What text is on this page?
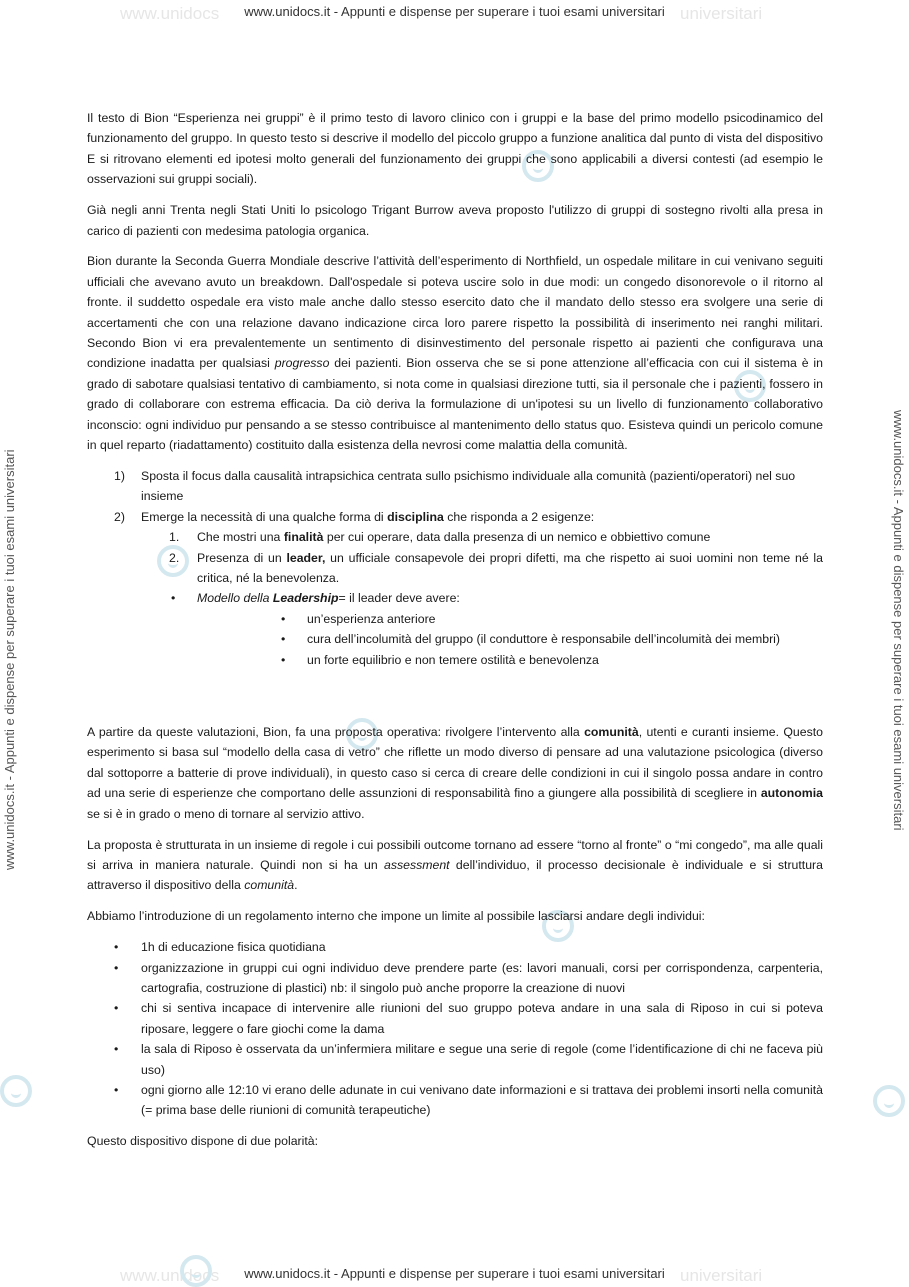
www.unidocs.it - Appunti e dispense per superare i tuoi esami universitari
www.unidocs.it - Appunti e dispense per superare i tuoi esami universitari
www.unidocs.it - Appunti e dispense per superare i tuoi esami universitari	www.unidocs.it - Appunti e dispense per superare i tuoi esami universitari
www.unidocs	universitari
www.unidocs	universitari

Il testo di Bion “Esperienza nei gruppi” è il primo testo di lavoro clinico con i gruppi e la base del primo modello psicodinamico del funzionamento del gruppo. In questo testo si descrive il modello del piccolo gruppo a funzione analitica dal punto di vista del dispositivo E si ritrovano elementi ed ipotesi molto generali del funzionamento dei gruppi che sono applicabili a diversi contesti (ad esempio le osservazioni sui gruppi sociali).

Già negli anni Trenta negli Stati Uniti lo psicologo Trigant Burrow aveva proposto l'utilizzo di gruppi di sostegno rivolti alla presa in carico di pazienti con medesima patologia organica.

Bion durante la Seconda Guerra Mondiale descrive l’attività dell’esperimento di Northfield, un ospedale militare in cui venivano seguiti ufficiali che avevano avuto un breakdown. Dall'ospedale si poteva uscire solo in due modi: un congedo disonorevole o il ritorno al fronte. il suddetto ospedale era visto male anche dallo stesso esercito dato che il mandato dello stesso era svolgere una serie di accertamenti che con una relazione davano indicazione circa loro parere rispetto la possibilità di inserimento nei ranghi militari. Secondo Bion vi era prevalentemente un sentimento di disinvestimento del personale rispetto ai pazienti che configurava una condizione inadatta per qualsiasi progresso dei pazienti. Bion osserva che se si pone attenzione all’efficacia con cui il sistema è in grado di sabotare qualsiasi tentativo di cambiamento, si nota come in qualsiasi direzione tutti, sia il personale che i pazienti, fossero in grado di collaborare con estrema efficacia. Da ciò deriva la formulazione di un'ipotesi su un livello di funzionamento collaborativo inconscio: ogni individuo pur pensando a se stesso contribuisce al mantenimento dello status quo. Esisteva quindi un pericolo comune in quel reparto (riadattamento) costituito dalla esistenza della nevrosi come malattia della comunità.

1) Sposta il focus dalla causalità intrapsichica centrata sullo psichismo individuale alla comunità (pazienti/operatori) nel suo insieme
2) Emerge la necessità di una qualche forma di disciplina che risponda a 2 esigenze:
1. Che mostri una finalità per cui operare, data dalla presenza di un nemico e obbiettivo comune
2. Presenza di un leader, un ufficiale consapevole dei propri difetti, ma che rispetto ai suoi uomini non teme né la critica, né la benevolenza.
• Modello della Leadership= il leader deve avere:
• un’esperienza anteriore
• cura dell’incolumità del gruppo (il conduttore è responsabile dell’incolumità dei membri)
• un forte equilibrio e non temere ostilità e benevolenza

A partire da queste valutazioni, Bion, fa una proposta operativa: rivolgere l’intervento alla comunità, utenti e curanti insieme. Questo esperimento si basa sul “modello della casa di vetro” che riflette un modo diverso di pensare ad una valutazione psicologica (diverso dal sottoporre a batterie di prove individuali), in questo caso si cerca di creare delle condizioni in cui il singolo possa andare in contro ad una serie di esperienze che comportano delle assunzioni di responsabilità fino a giungere alla possibilità di scegliere in autonomia se si è in grado o meno di tornare al servizio attivo.

La proposta è strutturata in un insieme di regole i cui possibili outcome tornano ad essere “torno al fronte” o “mi congedo”, ma alle quali si arriva in maniera naturale. Quindi non si ha un assessment dell’individuo, il processo decisionale è individuale e si struttura attraverso il dispositivo della comunità.

Abbiamo l’introduzione di un regolamento interno che impone un limite al possibile lasciarsi andare degli individui:

• 1h di educazione fisica quotidiana
• organizzazione in gruppi cui ogni individuo deve prendere parte (es: lavori manuali, corsi per corrispondenza, carpenteria, cartografia, costruzione di plastici) nb: il singolo può anche proporre la creazione di nuovi
• chi si sentiva incapace di intervenire alle riunioni del suo gruppo poteva andare in una sala di Riposo in cui si poteva riposare, leggere o fare giochi come la dama
• la sala di Riposo è osservata da un’infermiera militare e segue una serie di regole (come l’identificazione di chi ne faceva più uso)
• ogni giorno alle 12:10 vi erano delle adunate in cui venivano date informazioni e si trattava dei problemi insorti nella comunità (= prima base delle riunioni di comunità terapeutiche)

Questo dispositivo dispone di due polarità:
